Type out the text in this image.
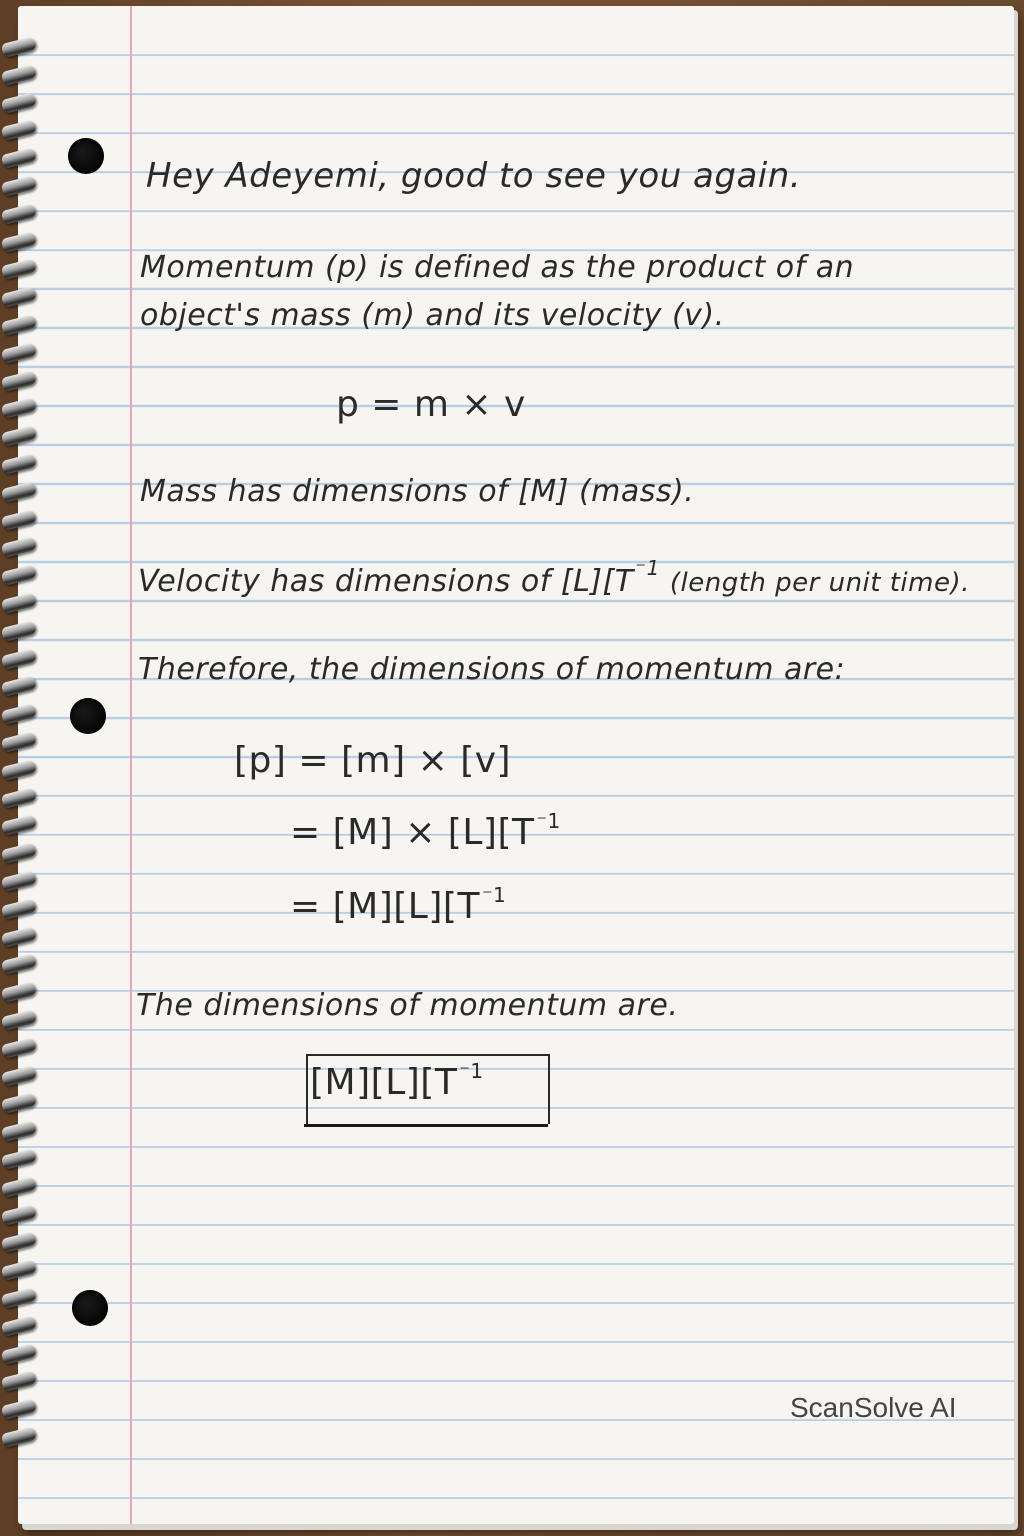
Hey Adeyemi, good to see you again.
Momentum (p) is defined as the product of an
object's mass (m) and its velocity (v).
p = m × v
Mass has dimensions of [M] (mass).
Velocity has dimensions of [L][T $^{^-1}$ (length per unit time).
Therefore, the dimensions of momentum are:
[p] = [m] × [v]
= [M] × [L][T $^{^-1}$
= [M][L][T $^{^-1}$
The dimensions of momentum are.
[M][L][T $^{^-1}$
ScanSolve AI
